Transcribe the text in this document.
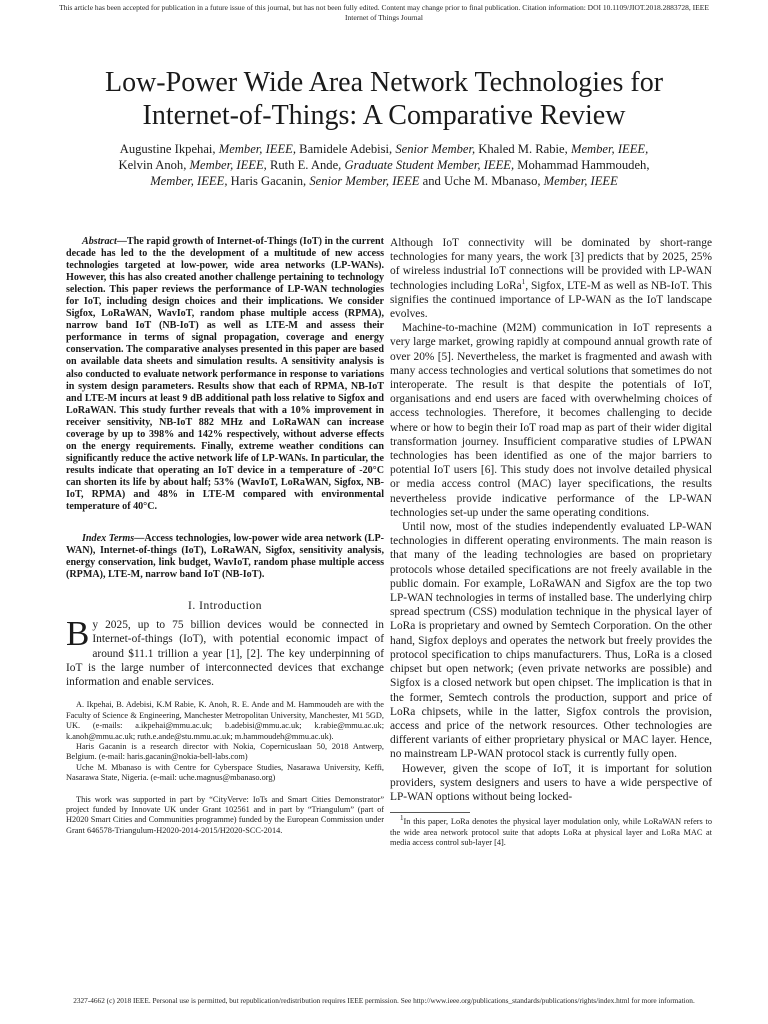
This article has been accepted for publication in a future issue of this journal, but has not been fully edited. Content may change prior to final publication. Citation information: DOI 10.1109/JIOT.2018.2883728, IEEE
Internet of Things Journal
Low-Power Wide Area Network Technologies for
Internet-of-Things: A Comparative Review
Augustine Ikpehai, Member, IEEE, Bamidele Adebisi, Senior Member, Khaled M. Rabie, Member, IEEE,
Kelvin Anoh, Member, IEEE, Ruth E. Ande, Graduate Student Member, IEEE, Mohammad Hammoudeh,
Member, IEEE, Haris Gacanin, Senior Member, IEEE and Uche M. Mbanaso, Member, IEEE

Abstract—The rapid growth of Internet-of-Things (IoT) in the current decade has led to the the development of a multitude of new access technologies targeted at low-power, wide area networks (LP-WANs). However, this has also created another challenge pertaining to technology selection. This paper reviews the performance of LP-WAN technologies for IoT, including design choices and their implications. We consider Sigfox, LoRaWAN, WavIoT, random phase multiple access (RPMA), narrow band IoT (NB-IoT) as well as LTE-M and assess their performance in terms of signal propagation, coverage and energy conservation. The comparative analyses presented in this paper are based on available data sheets and simulation results. A sensitivity analysis is also conducted to evaluate network performance in response to variations in system design parameters. Results show that each of RPMA, NB-IoT and LTE-M incurs at least 9 dB additional path loss relative to Sigfox and LoRaWAN. This study further reveals that with a 10% improvement in receiver sensitivity, NB-IoT 882 MHz and LoRaWAN can increase coverage by up to 398% and 142% respectively, without adverse effects on the energy requirements. Finally, extreme weather conditions can significantly reduce the active network life of LP-WANs. In particular, the results indicate that operating an IoT device in a temperature of -20°C can shorten its life by about half; 53% (WavIoT, LoRaWAN, Sigfox, NB-IoT, RPMA) and 48% in LTE-M compared with environmental temperature of 40°C.

Index Terms—Access technologies, low-power wide area network (LP-WAN), Internet-of-things (IoT), LoRaWAN, Sigfox, sensitivity analysis, energy conservation, link budget, WavIoT, random phase multiple access (RPMA), LTE-M, narrow band IoT (NB-IoT).

I. Introduction

By 2025, up to 75 billion devices would be connected in Internet-of-things (IoT), with potential economic impact of around $11.1 trillion a year [1], [2]. The key underpinning of IoT is the large number of interconnected devices that exchange information and enable services.

A. Ikpehai, B. Adebisi, K.M Rabie, K. Anoh, R. E. Ande and M. Hammoudeh are with the Faculty of Science & Engineering, Manchester Metropolitan University, Manchester, M1 5GD, UK. (e-mails: a.ikpehai@mmu.ac.uk; b.adebisi@mmu.ac.uk; k.rabie@mmu.ac.uk; k.anoh@mmu.ac.uk; ruth.e.ande@stu.mmu.ac.uk; m.hammoudeh@mmu.ac.uk).

Haris Gacanin is a research director with Nokia, Copernicuslaan 50, 2018 Antwerp, Belgium. (e-mail: haris.gacanin@nokia-bell-labs.com)

Uche M. Mbanaso is with Centre for Cyberspace Studies, Nasarawa University, Keffi, Nasarawa State, Nigeria. (e-mail: uche.magnus@mbanaso.org)

This work was supported in part by “CityVerve: IoTs and Smart Cities Demonstrator” project funded by Innovate UK under Grant 102561 and in part by “Triangulum” (part of H2020 Smart Cities and Communities programme) funded by the European Commission under Grant 646578-Triangulum-H2020-2014-2015/H2020-SCC-2014.

Although IoT connectivity will be dominated by short-range technologies for many years, the work [3] predicts that by 2025, 25% of wireless industrial IoT connections will be provided with LP-WAN technologies including LoRa$^1$, Sigfox, LTE-M as well as NB-IoT. This signifies the continued importance of LP-WAN as the IoT landscape evolves.

Machine-to-machine (M2M) communication in IoT represents a very large market, growing rapidly at compound annual growth rate of over 20% [5]. Nevertheless, the market is fragmented and awash with many access technologies and vertical solutions that sometimes do not interoperate. The result is that despite the potentials of IoT, organisations and end users are faced with overwhelming choices of access technologies. Therefore, it becomes challenging to decide where or how to begin their IoT road map as part of their wider digital transformation journey. Insufficient comparative studies of LPWAN technologies has been identified as one of the major barriers to potential IoT users [6]. This study does not involve detailed physical or media access control (MAC) layer specifications, the results nevertheless provide indicative performance of the LP-WAN technologies set-up under the same operating conditions.

Until now, most of the studies independently evaluated LP-WAN technologies in different operating environments. The main reason is that many of the leading technologies are based on proprietary protocols whose detailed specifications are not freely available in the public domain. For example, LoRaWAN and Sigfox are the top two LP-WAN technologies in terms of installed base. The underlying chirp spread spectrum (CSS) modulation technique in the physical layer of LoRa is proprietary and owned by Semtech Corporation. On the other hand, Sigfox deploys and operates the network but freely provides the protocol specification to chips manufacturers. Thus, LoRa is a closed chipset but open network; (even private networks are possible) and Sigfox is a closed network but open chipset. The implication is that in the former, Semtech controls the production, support and price of LoRa chipsets, while in the latter, Sigfox controls the provision, access and price of the network resources. Other technologies are different variants of either proprietary physical or MAC layer. Hence, no mainstream LP-WAN protocol stack is currently fully open.

However, given the scope of IoT, it is important for solution providers, system designers and users to have a wide perspective of LP-WAN options without being locked-

$^1$In this paper, LoRa denotes the physical layer modulation only, while LoRaWAN refers to the wide area network protocol suite that adopts LoRa at physical layer and LoRa MAC at media access control sub-layer [4].

2327-4662 (c) 2018 IEEE. Personal use is permitted, but republication/redistribution requires IEEE permission. See http://www.ieee.org/publications_standards/publications/rights/index.html for more information.
